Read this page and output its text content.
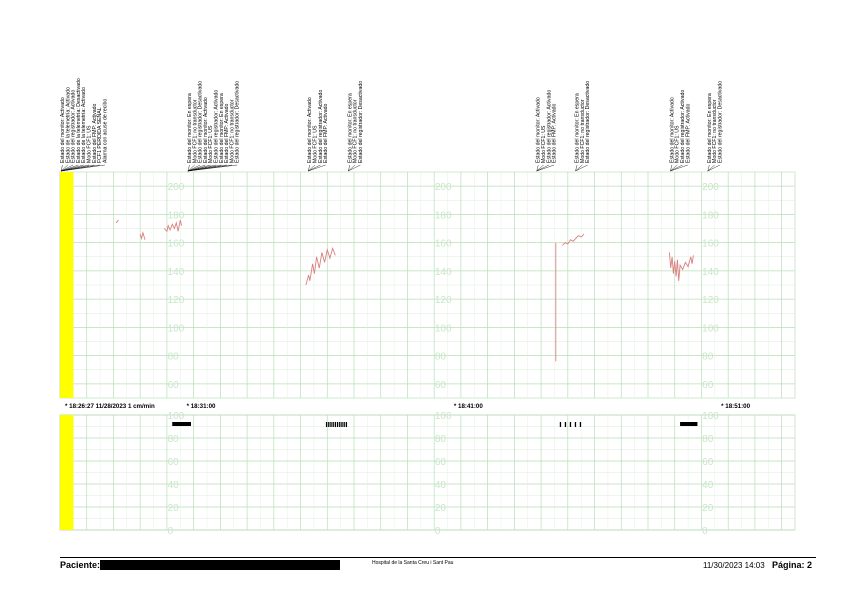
60
80
100
120
140
160
180
200
0
20
40
60
80
100
60
80
100
120
140
160
180
200
0
20
40
60
80
100
60
80
100
120
140
160
180
200
0
20
40
60
80
100
Estado del monitor: Activado Estado de la telemetría: Activado Estado del registrador: Activado Estado de la telemetría: Desactivado Estado de la telemetría: Activado Modo FCF1: US Estado del FMP: Activado FCF1 PÉRDIDA SEÑAL Alarma con acuse de recibo	Estado del monitor: En espera Modo FCF1: no transductor Estado del registrador: Desactivado Estado del monitor: Activado Modo FCF1: US Estado del registrador: Activado Estado del monitor: En espera Estado del FMP: Activado Modo FCF1: no transductor Estado del registrador: Desactivado	Estado del monitor: Activado Modo FCF1: US Estado del registrador: Activado Estado del FMP: Activado	Estado del monitor: En espera Modo FCF1: no transductor Estado del registrador: Desactivado	Estado del monitor: Activado Modo FCF1: US Estado del registrador: Activado Estado del FMP: Activado	Estado del monitor: En espera Modo FCF1: no transductor Estado del registrador: Desactivado	Estado del monitor: Activado Modo FCF1: US Estado del registrador: Activado Estado del FMP: Activado	Estado del monitor: En espera Modo FCF1: no transductor Estado del registrador: Desactivado
* 18:26:27 11/28/2023 1 cm/min	* 18:31:00	* 18:41:00	* 18:51:00
Paciente:	Hospital de la Santa Creu i Sant Pau	11/30/2023 14:03 Página: 2
